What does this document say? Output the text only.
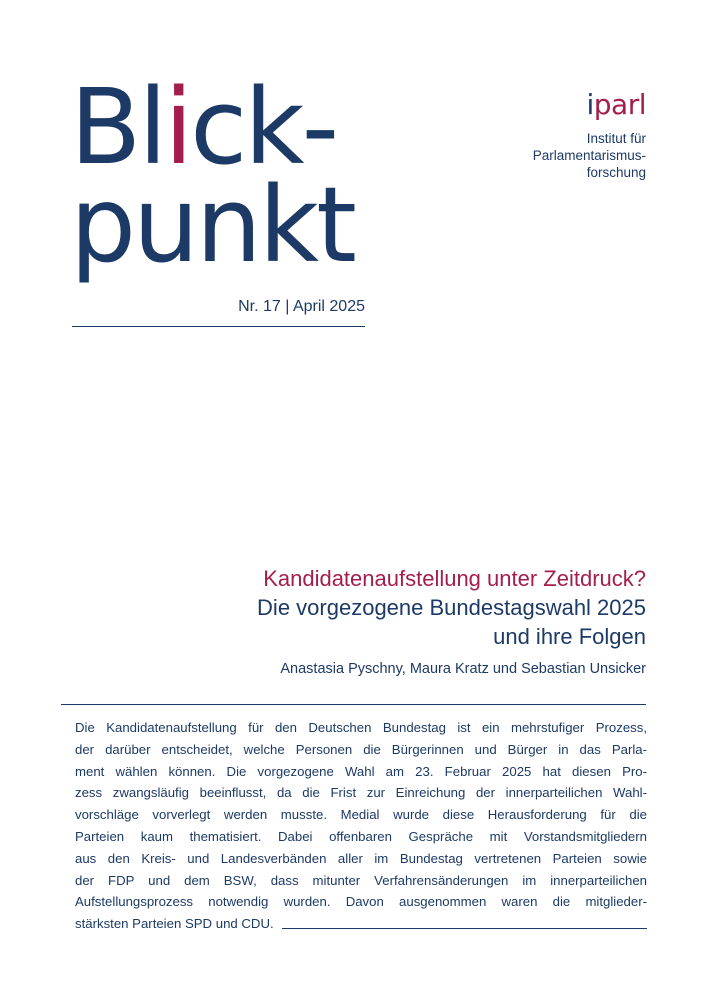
Blick-
punkt
Nr. 17 | April 2025
iparl
Institut für
Parlamentarismus-
forschung
Kandidatenaufstellung unter Zeitdruck?
Die vorgezogene Bundestagswahl 2025
und ihre Folgen
Anastasia Pyschny, Maura Kratz und Sebastian Unsicker
Die Kandidatenaufstellung für den Deutschen Bundestag ist ein mehrstufiger Prozess,
der darüber entscheidet, welche Personen die Bürgerinnen und Bürger in das Parla-
ment wählen können. Die vorgezogene Wahl am 23. Februar 2025 hat diesen Pro-
zess zwangsläufig beeinflusst, da die Frist zur Einreichung der innerparteilichen Wahl-
vorschläge vorverlegt werden musste. Medial wurde diese Herausforderung für die
Parteien kaum thematisiert. Dabei offenbaren Gespräche mit Vorstandsmitgliedern
aus den Kreis- und Landesverbänden aller im Bundestag vertretenen Parteien sowie
der FDP und dem BSW, dass mitunter Verfahrensänderungen im innerparteilichen
Aufstellungsprozess notwendig wurden. Davon ausgenommen waren die mitglieder-
stärksten Parteien SPD und CDU.
